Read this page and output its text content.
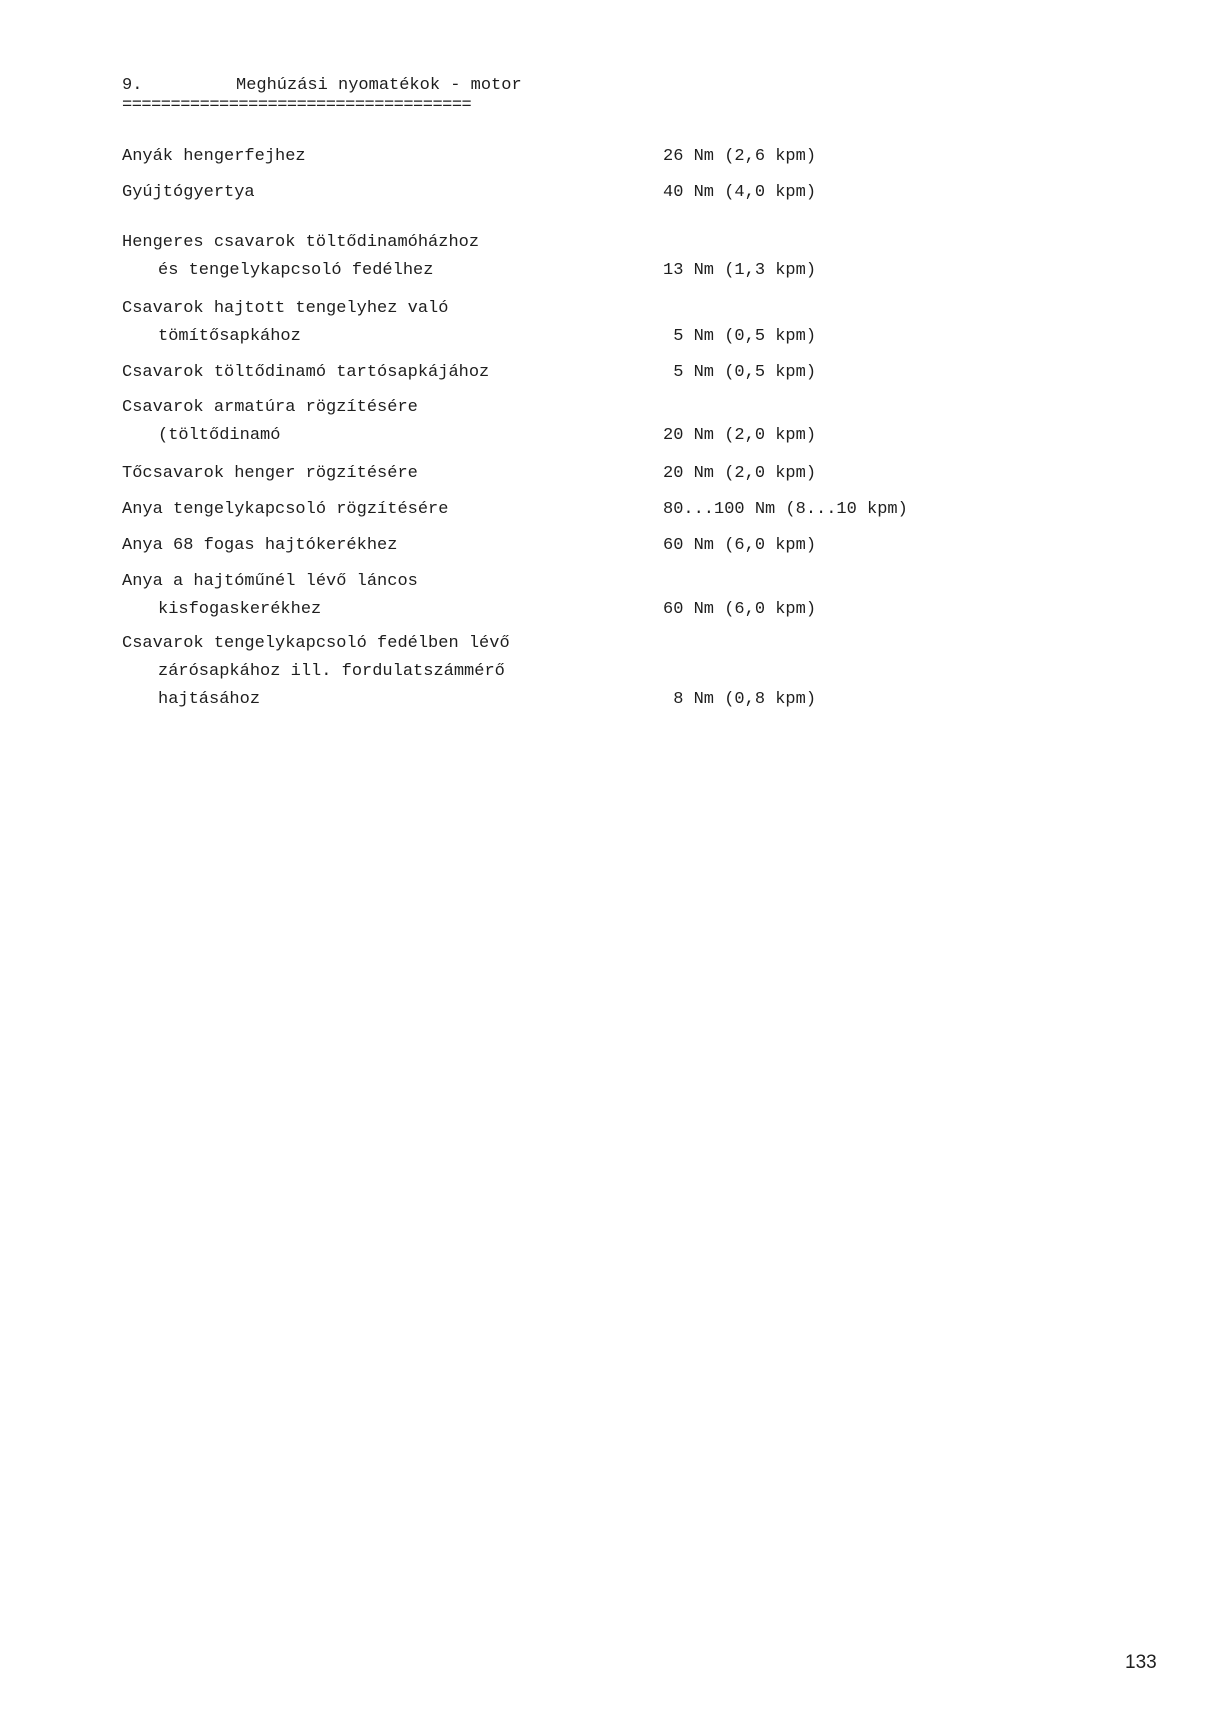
9.	Meghúzási nyomatékok - motor
====================================
Anyák hengerfejhez	26 Nm (2,6 kpm)
Gyújtógyertya	40 Nm (4,0 kpm)
Hengeres csavarok töltődinamóházhoz
és tengelykapcsoló fedélhez	13 Nm (1,3 kpm)
Csavarok hajtott tengelyhez való
tömítősapkához	5 Nm (0,5 kpm)
Csavarok töltődinamó tartósapkájához	5 Nm (0,5 kpm)
Csavarok armatúra rögzítésére
(töltődinamó	20 Nm (2,0 kpm)
Tőcsavarok henger rögzítésére	20 Nm (2,0 kpm)
Anya tengelykapcsoló rögzítésére	80...100 Nm (8...10 kpm)
Anya 68 fogas hajtókerékhez	60 Nm (6,0 kpm)
Anya a hajtóműnél lévő láncos
kisfogaskerékhez	60 Nm (6,0 kpm)
Csavarok tengelykapcsoló fedélben lévő
zárósapkához ill. fordulatszámmérő
hajtásához	8 Nm (0,8 kpm)
133
